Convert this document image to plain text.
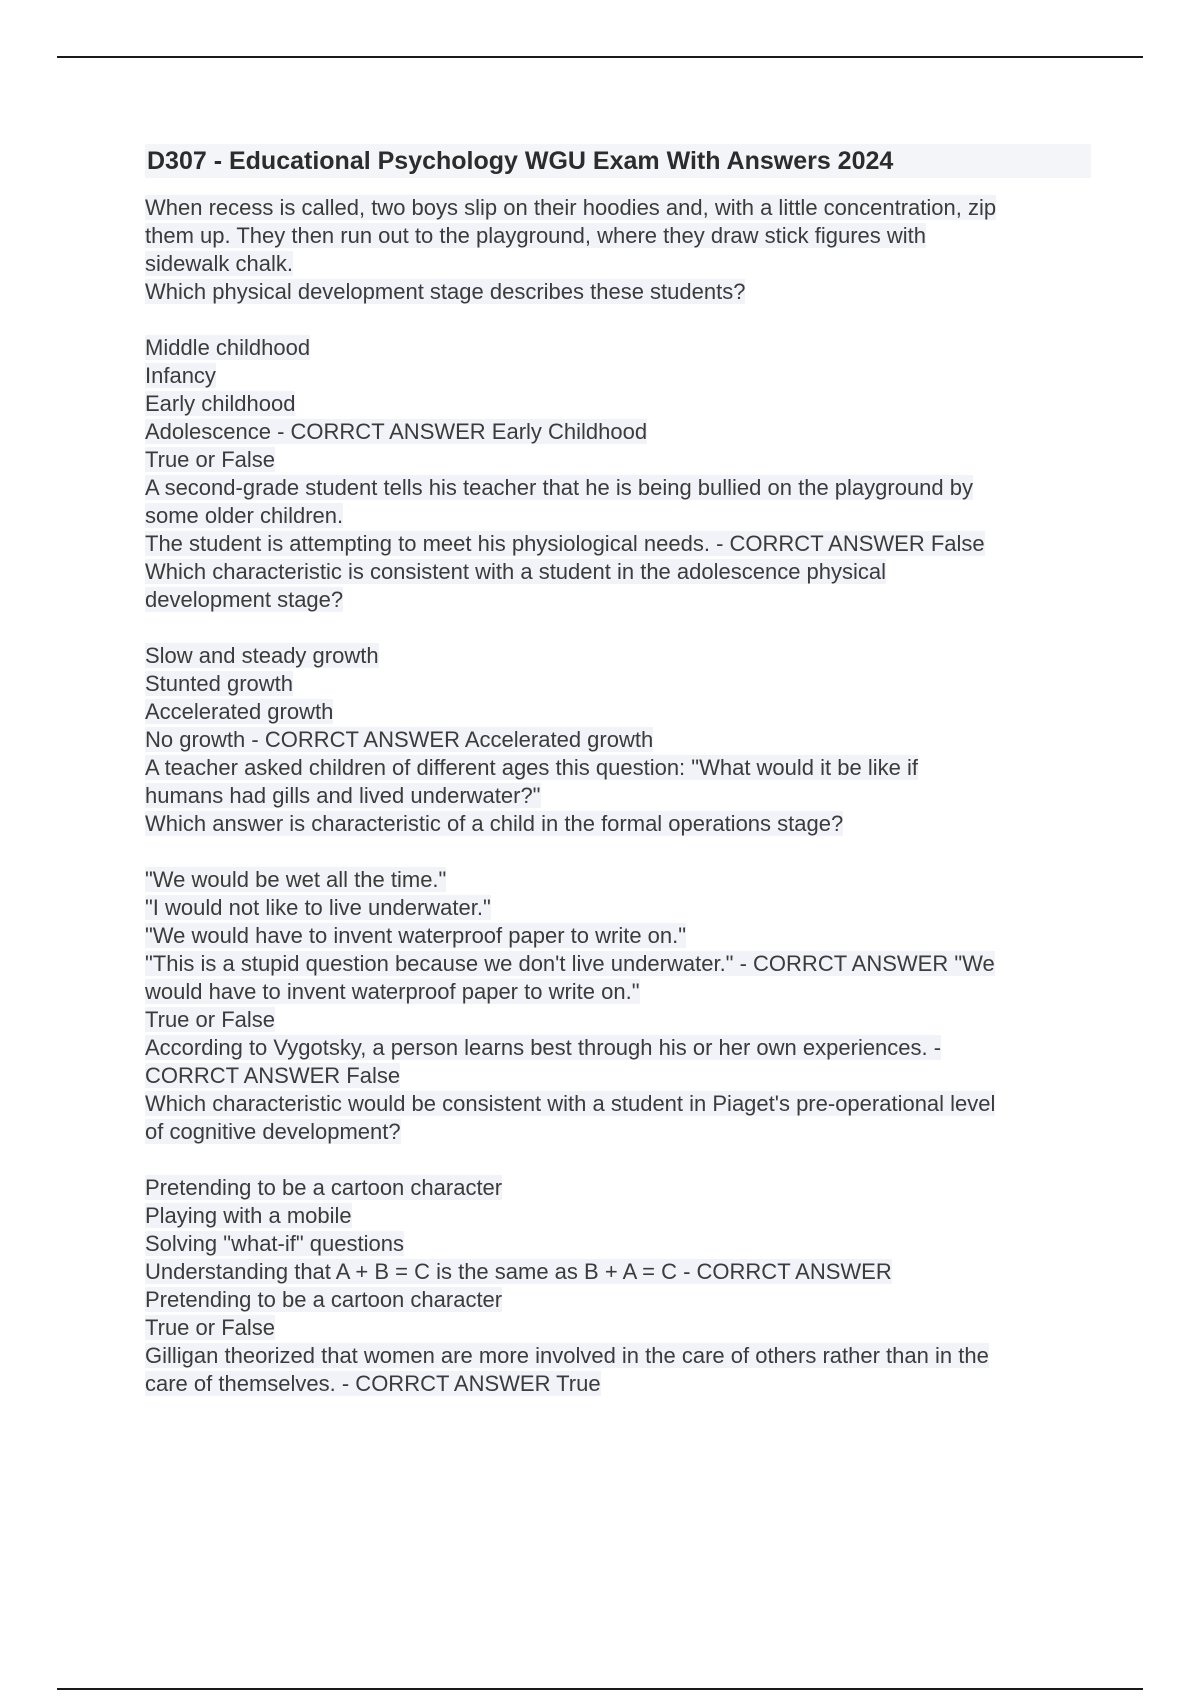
D307 - Educational Psychology WGU Exam With Answers 2024
When recess is called, two boys slip on their hoodies and, with a little concentration, zip
them up. They then run out to the playground, where they draw stick figures with
sidewalk chalk.
Which physical development stage describes these students?
Middle childhood
Infancy
Early childhood
Adolescence - CORRCT ANSWER Early Childhood
True or False
A second-grade student tells his teacher that he is being bullied on the playground by
some older children.
The student is attempting to meet his physiological needs. - CORRCT ANSWER False
Which characteristic is consistent with a student in the adolescence physical
development stage?
Slow and steady growth
Stunted growth
Accelerated growth
No growth - CORRCT ANSWER Accelerated growth
A teacher asked children of different ages this question: "What would it be like if
humans had gills and lived underwater?"
Which answer is characteristic of a child in the formal operations stage?
"We would be wet all the time."
"I would not like to live underwater."
"We would have to invent waterproof paper to write on."
"This is a stupid question because we don't live underwater." - CORRCT ANSWER "We
would have to invent waterproof paper to write on."
True or False
According to Vygotsky, a person learns best through his or her own experiences. -
CORRCT ANSWER False
Which characteristic would be consistent with a student in Piaget's pre-operational level
of cognitive development?
Pretending to be a cartoon character
Playing with a mobile
Solving "what-if" questions
Understanding that A + B = C is the same as B + A = C - CORRCT ANSWER
Pretending to be a cartoon character
True or False
Gilligan theorized that women are more involved in the care of others rather than in the
care of themselves. - CORRCT ANSWER True
